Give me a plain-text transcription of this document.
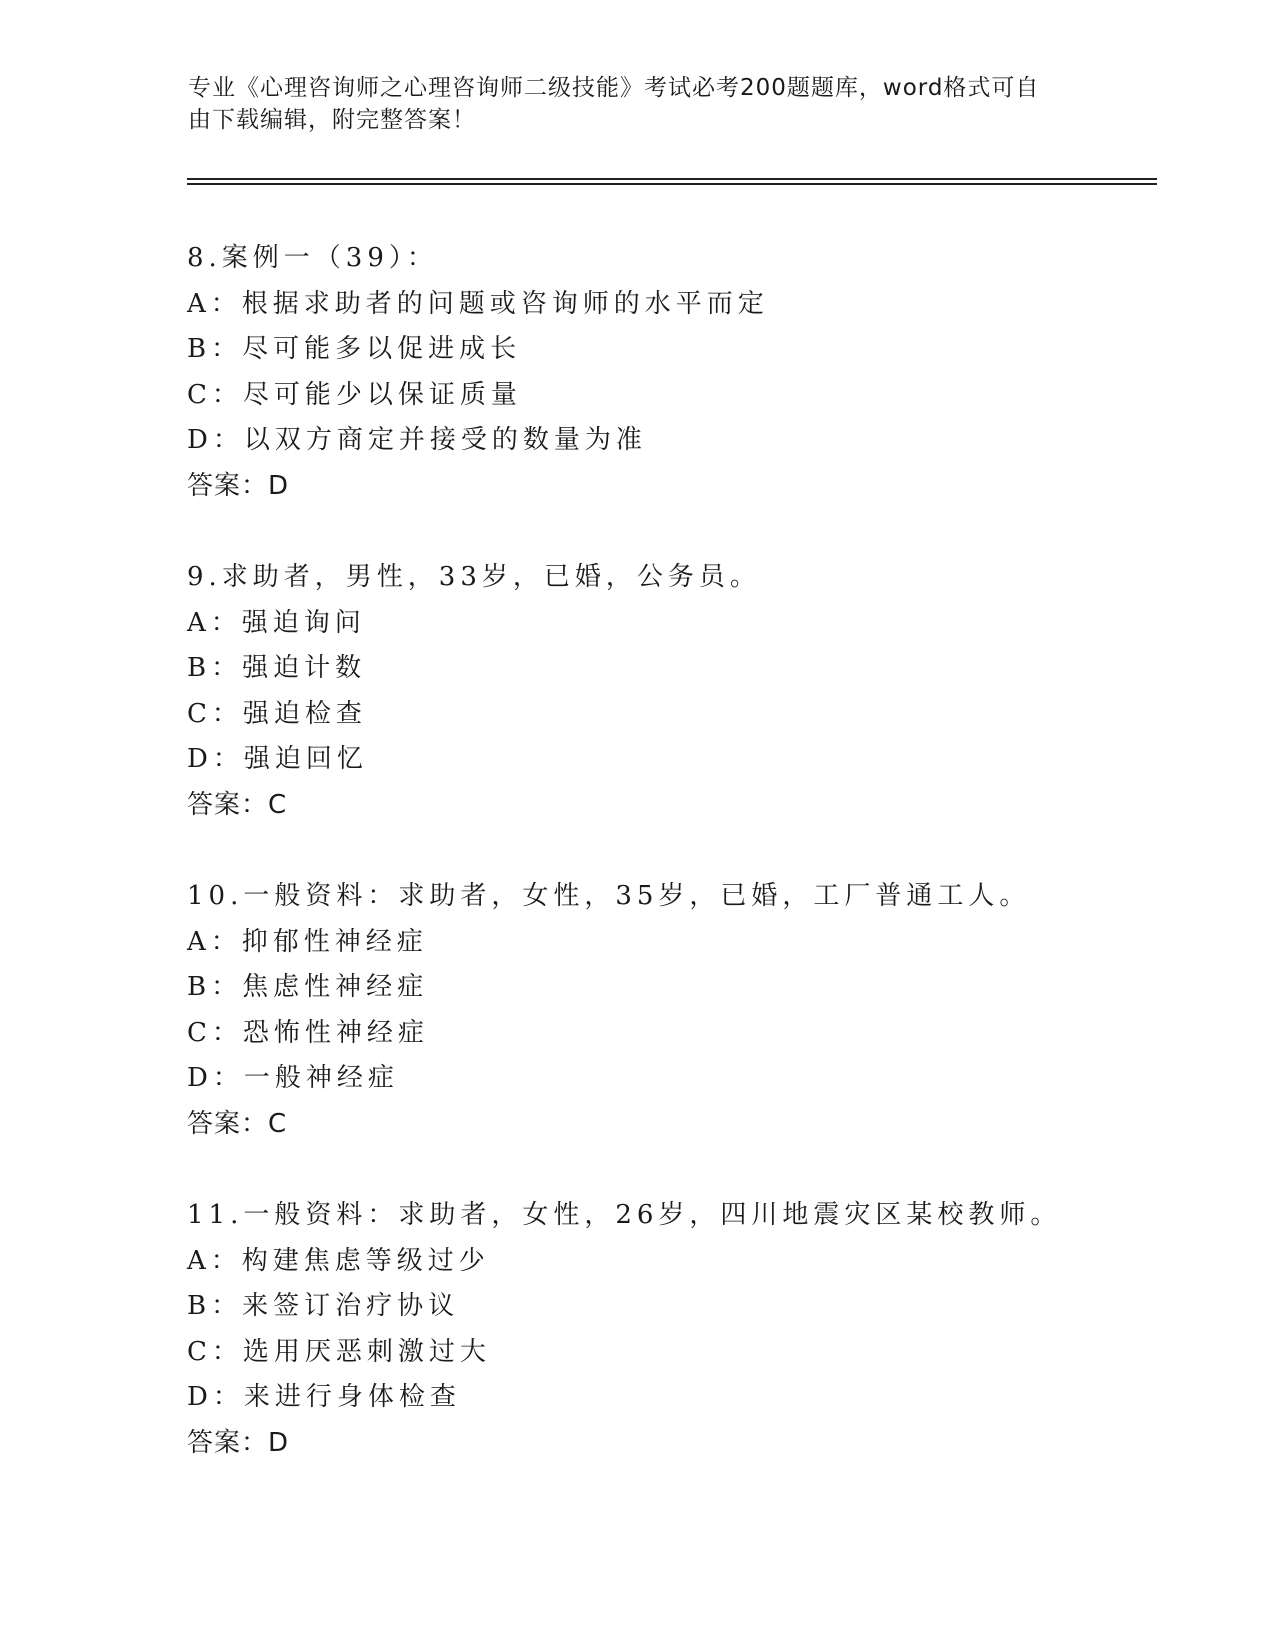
专业《心理咨询师之心理咨询师二级技能》考试必考200题题库，word格式可自
由下载编辑，附完整答案！
8.案例一（39）：
A：根据求助者的问题或咨询师的水平而定
B：尽可能多以促进成长
C：尽可能少以保证质量
D：以双方商定并接受的数量为准
答案：D
9.求助者，男性，33岁，已婚，公务员。
A：强迫询问
B：强迫计数
C：强迫检查
D：强迫回忆
答案：C
10.一般资料：求助者，女性，35岁，已婚，工厂普通工人。
A：抑郁性神经症
B：焦虑性神经症
C：恐怖性神经症
D：一般神经症
答案：C
11.一般资料：求助者，女性，26岁，四川地震灾区某校教师。
A：构建焦虑等级过少
B：来签订治疗协议
C：选用厌恶刺激过大
D：来进行身体检查
答案：D
